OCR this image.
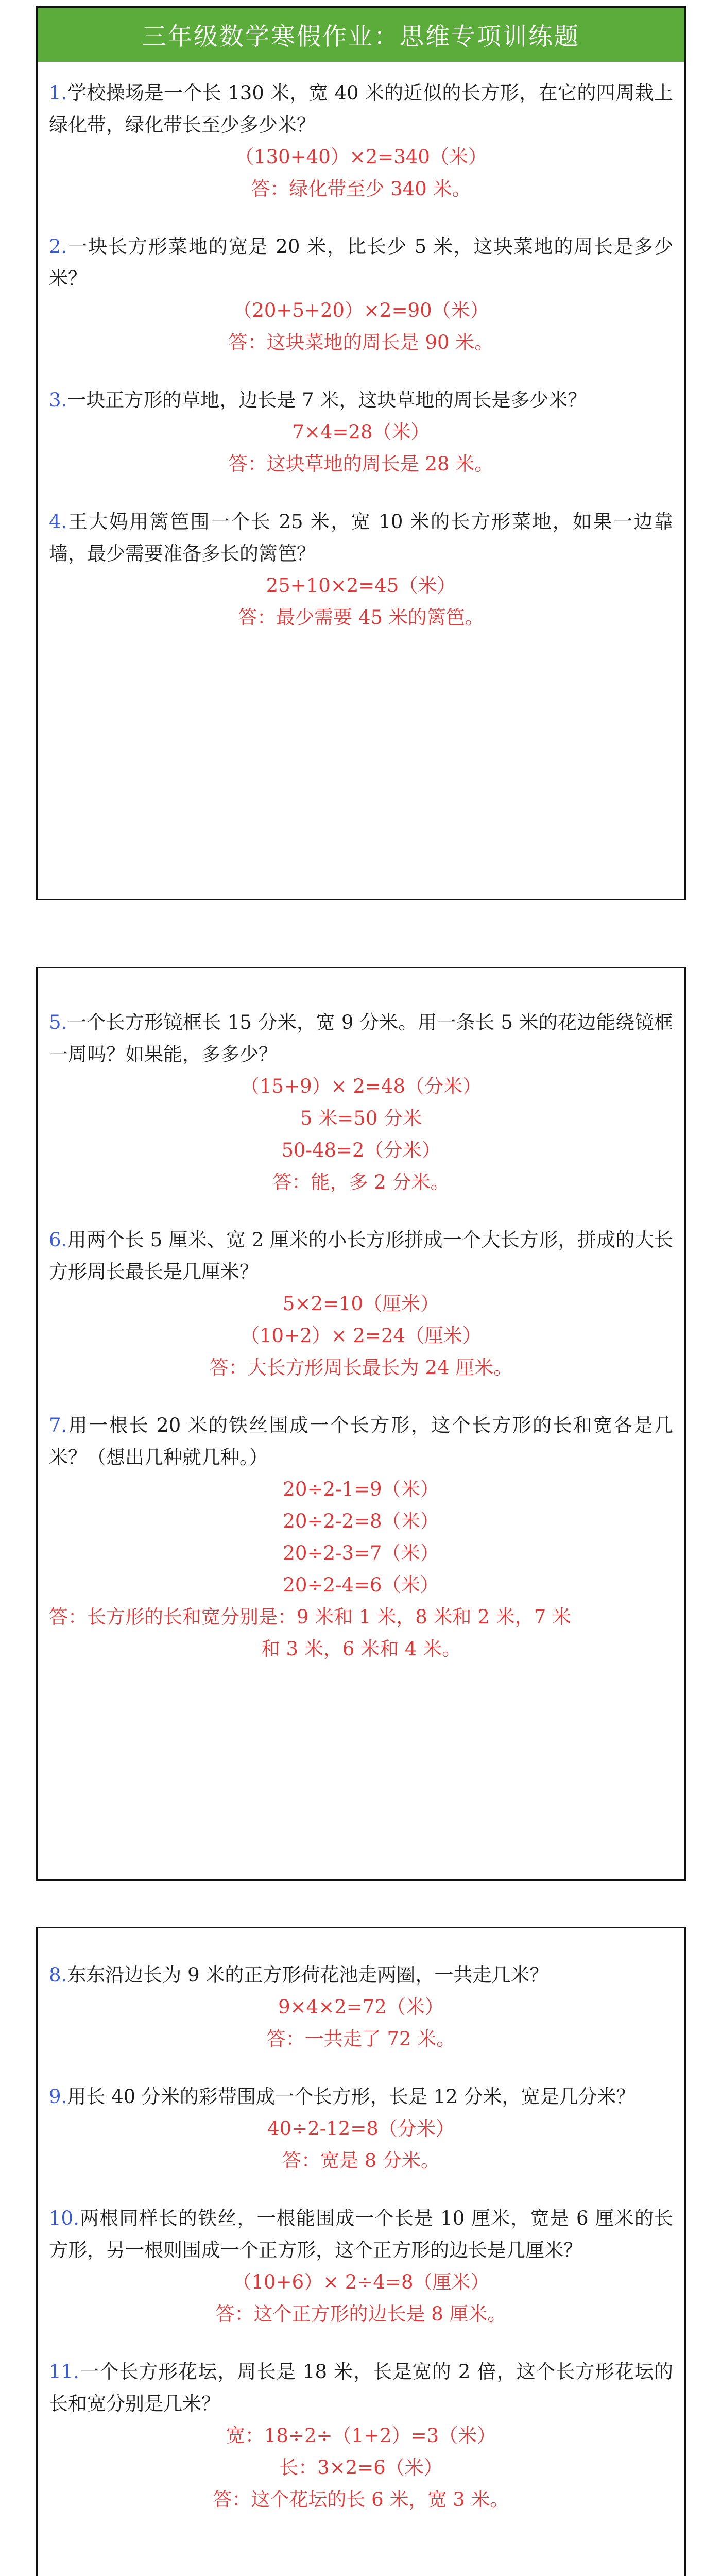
三年级数学寒假作业：思维专项训练题

1.学校操场是一个长 130 米，宽 40 米的近似的长方形，在它的四周栽上绿化带，绿化带长至少多少米？

（130+40）×2=340（米）
答：绿化带至少 340 米。

2.一块长方形菜地的宽是 20 米，比长少 5 米，这块菜地的周长是多少米？

（20+5+20）×2=90（米）
答：这块菜地的周长是 90 米。

3.一块正方形的草地，边长是 7 米，这块草地的周长是多少米？

7×4=28（米）
答：这块草地的周长是 28 米。

4.王大妈用篱笆围一个长 25 米，宽 10 米的长方形菜地，如果一边靠墙，最少需要准备多长的篱笆？

25+10×2=45（米）
答：最少需要 45 米的篱笆。

5.一个长方形镜框长 15 分米，宽 9 分米。用一条长 5 米的花边能绕镜框一周吗？如果能，多多少？

（15+9）× 2=48（分米）
5 米=50 分米
50-48=2（分米）
答：能，多 2 分米。

6.用两个长 5 厘米、宽 2 厘米的小长方形拼成一个大长方形，拼成的大长方形周长最长是几厘米？

5×2=10（厘米）
（10+2）× 2=24（厘米）
答：大长方形周长最长为 24 厘米。

7.用一根长 20 米的铁丝围成一个长方形，这个长方形的长和宽各是几米？（想出几种就几种。）

20÷2-1=9（米）
20÷2-2=8（米）
20÷2-3=7（米）
20÷2-4=6（米）
答：长方形的长和宽分别是：9 米和 1 米，8 米和 2 米，7 米
和 3 米，6 米和 4 米。

8.东东沿边长为 9 米的正方形荷花池走两圈，一共走几米？

9×4×2=72（米）
答：一共走了 72 米。

9.用长 40 分米的彩带围成一个长方形，长是 12 分米，宽是几分米？

40÷2-12=8（分米）
答：宽是 8 分米。

10.两根同样长的铁丝，一根能围成一个长是 10 厘米，宽是 6 厘米的长方形，另一根则围成一个正方形，这个正方形的边长是几厘米？

（10+6）× 2÷4=8（厘米）
答：这个正方形的边长是 8 厘米。

11.一个长方形花坛，周长是 18 米，长是宽的 2 倍，这个长方形花坛的长和宽分别是几米？

宽：18÷2÷（1+2）=3（米）
长：3×2=6（米）
答：这个花坛的长 6 米，宽 3 米。
